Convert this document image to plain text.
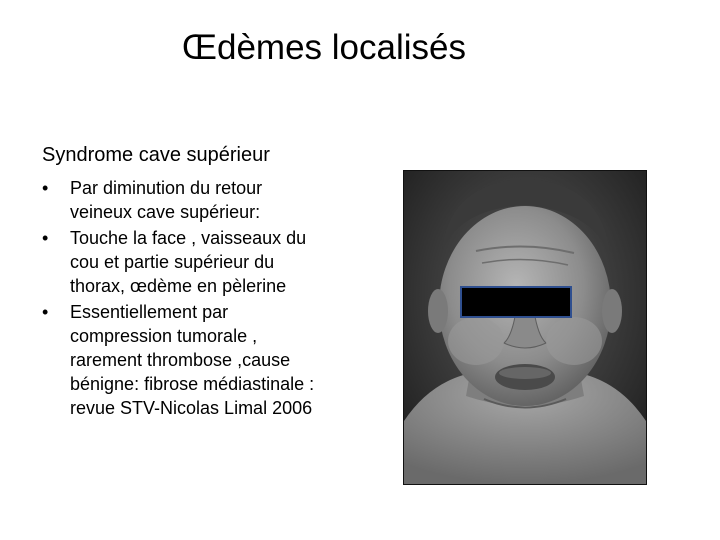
Œdèmes localisés
Syndrome cave supérieur
•	Par diminution du retour
veineux cave supérieur:
•	Touche la face , vaisseaux du
cou et partie supérieur du
thorax, œdème en pèlerine
•	Essentiellement par
compression tumorale ,
rarement thrombose ,cause
bénigne: fibrose médiastinale :
revue STV-Nicolas Limal 2006
